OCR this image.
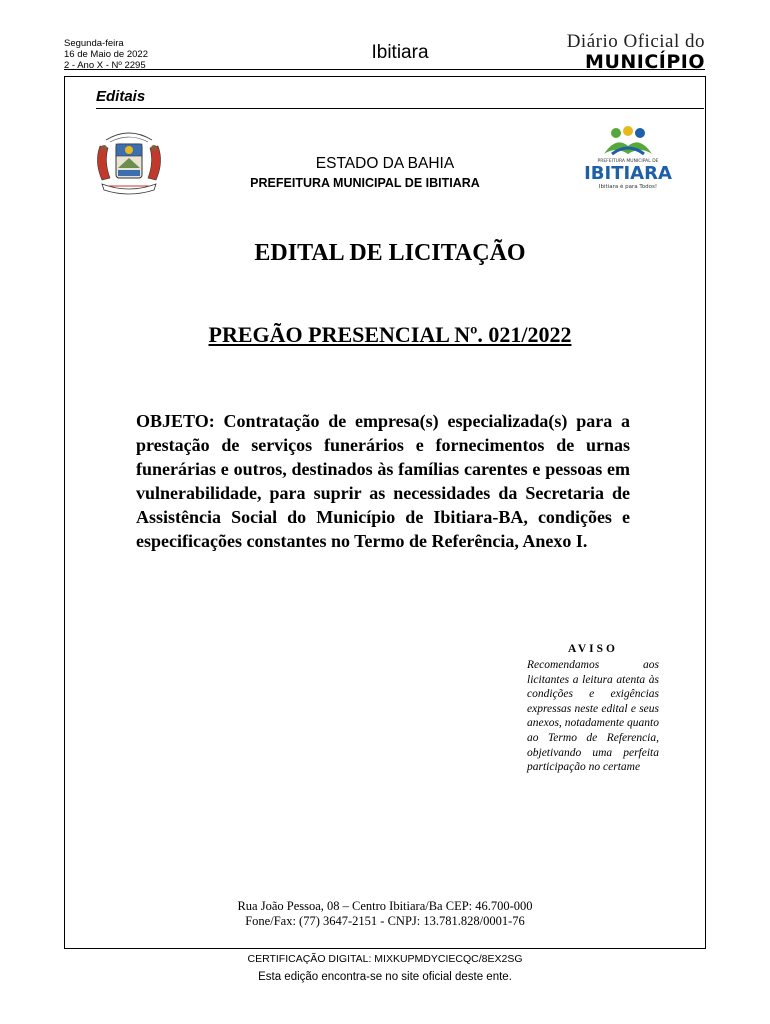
Segunda-feira
16 de Maio de 2022
2 - Ano X - Nº 2295
Ibitiara
Diário Oficial do
MUNICÍPIO
Editais
ESTADO DA BAHIA
PREFEITURA MUNICIPAL DE IBITIARA
PREFEITURA MUNICIPAL DE
IBITIARA
Ibitiara é para Todos!
EDITAL DE LICITAÇÃO
PREGÃO PRESENCIAL Nº. 021/2022
OBJETO: Contratação de empresa(s) especializada(s) para a prestação de serviços funerários e fornecimentos de urnas funerárias e outros, destinados às famílias carentes e pessoas em vulnerabilidade, para suprir as necessidades da Secretaria de Assistência Social do Município de Ibitiara-BA, condições e especificações constantes no Termo de Referência, Anexo I.
AVISO
Recomendamos aos licitantes a leitura atenta às condições e exigências expressas neste edital e seus anexos, notadamente quanto ao Termo de Referencia, objetivando uma perfeita participação no certame
Rua João Pessoa, 08 – Centro Ibitiara/Ba CEP: 46.700-000
Fone/Fax: (77) 3647-2151 - CNPJ: 13.781.828/0001-76
CERTIFICAÇÃO DIGITAL: MIXKUPMDYCIECQC/8EX2SG
Esta edição encontra-se no site oficial deste ente.
